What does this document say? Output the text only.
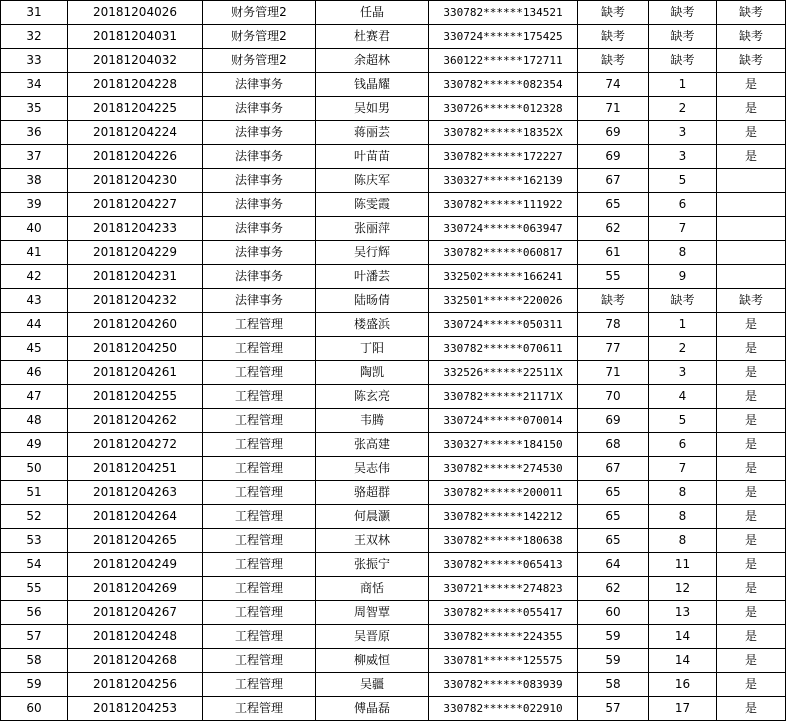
31	20181204026	财务管理2	任晶	330782******134521	缺考	缺考	缺考
32	20181204031	财务管理2	杜赛君	330724******175425	缺考	缺考	缺考
33	20181204032	财务管理2	余超林	360122******172711	缺考	缺考	缺考
34	20181204228	法律事务	钱晶耀	330782******082354	74	1	是
35	20181204225	法律事务	吴如男	330726******012328	71	2	是
36	20181204224	法律事务	蒋丽芸	330782******18352X	69	3	是
37	20181204226	法律事务	叶苗苗	330782******172227	69	3	是
38	20181204230	法律事务	陈庆军	330327******162139	67	5	
39	20181204227	法律事务	陈雯霞	330782******111922	65	6	
40	20181204233	法律事务	张丽萍	330724******063947	62	7	
41	20181204229	法律事务	吴行辉	330782******060817	61	8	
42	20181204231	法律事务	叶潘芸	332502******166241	55	9	
43	20181204232	法律事务	陆旸倩	332501******220026	缺考	缺考	缺考
44	20181204260	工程管理	楼盛浜	330724******050311	78	1	是
45	20181204250	工程管理	丁阳	330782******070611	77	2	是
46	20181204261	工程管理	陶凯	332526******22511X	71	3	是
47	20181204255	工程管理	陈玄亮	330782******21171X	70	4	是
48	20181204262	工程管理	韦腾	330724******070014	69	5	是
49	20181204272	工程管理	张高建	330327******184150	68	6	是
50	20181204251	工程管理	吴志伟	330782******274530	67	7	是
51	20181204263	工程管理	骆超群	330782******200011	65	8	是
52	20181204264	工程管理	何晨灏	330782******142212	65	8	是
53	20181204265	工程管理	王双林	330782******180638	65	8	是
54	20181204249	工程管理	张振宁	330782******065413	64	11	是
55	20181204269	工程管理	商恬	330721******274823	62	12	是
56	20181204267	工程管理	周智覃	330782******055417	60	13	是
57	20181204248	工程管理	吴晋原	330782******224355	59	14	是
58	20181204268	工程管理	柳威恒	330781******125575	59	14	是
59	20181204256	工程管理	吴疆	330782******083939	58	16	是
60	20181204253	工程管理	傅晶磊	330782******022910	57	17	是
